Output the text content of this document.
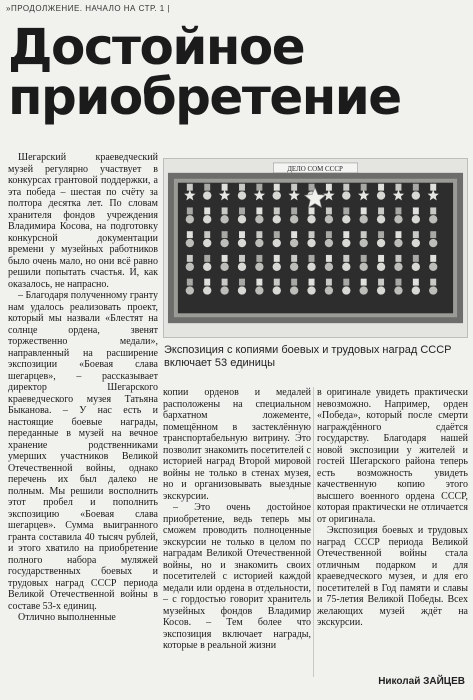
»ПРОДОЛЖЕНИЕ. НАЧАЛО НА СТР. 1 |
Достойное
приобретение

Шегарский краеведческий музей регулярно участвует в конкурсах грантовой поддержки, а эта победа – шестая по счёту за полтора десятка лет. По словам хранителя фондов учреждения Владимира Косова, на подготовку конкурсной документации времени у музейных работников было очень мало, но они всё равно решили попытать счастья. И, как оказалось, не напрасно.

– Благодаря полученному гранту нам удалось реализовать проект, который мы назвали «Блестят на солнце ордена, звенят торжественно медали», направленный на расширение экспозиции «Боевая слава шегарцев», – рассказывает директор Шегарского краеведческого музея Татьяна Быканова. – У нас есть и настоящие боевые награды, переданные в музей на вечное хранение родственниками умерших участников Великой Отечественной войны, однако перечень их был далеко не полным. Мы решили восполнить этот пробел и пополнить экспозицию «Боевая слава шегарцев». Сумма выигранного гранта составила 40 тысяч рублей, и этого хватило на приобретение полного набора муляжей государственных боевых и трудовых наград СССР периода Великой Отечественной войны в составе 53-х единиц.

Отлично выполненные

ДЕЛО СОМ СССР
Экспозиция с копиями боевых и трудовых наград СССР включает 53 единицы

копии орденов и медалей расположены на специальном бархатном ложементе, помещённом в застеклённую транспортабельную витрину. Это позволит знакомить посетителей с историей наград Второй мировой войны не только в стенах музея, но и организовывать выездные экскурсии.

– Это очень достойное приобретение, ведь теперь мы сможем проводить полноценные экскурсии не только в целом по наградам Великой Отечественной войны, но и знакомить своих посетителей с историей каждой медали или ордена в отдельности, – с гордостью говорит хранитель музейных фондов Владимир Косов. – Тем более что экспозиция включает награды, которые в реальной жизни

в оригинале увидеть практически невозможно. Например, орден «Победа», который после смерти награждённого сдаётся государству. Благодаря нашей новой экспозиции у жителей и гостей Шегарского района теперь есть возможность увидеть качественную копию этого высшего военного ордена СССР, которая практически не отличается от оригинала.

Экспозиция боевых и трудовых наград СССР периода Великой Отечественной войны стала отличным подарком и для краеведческого музея, и для его посетителей в Год памяти и славы и 75-летия Великой Победы. Всех желающих музей ждёт на экскурсии.

Николай ЗАЙЦЕВ
